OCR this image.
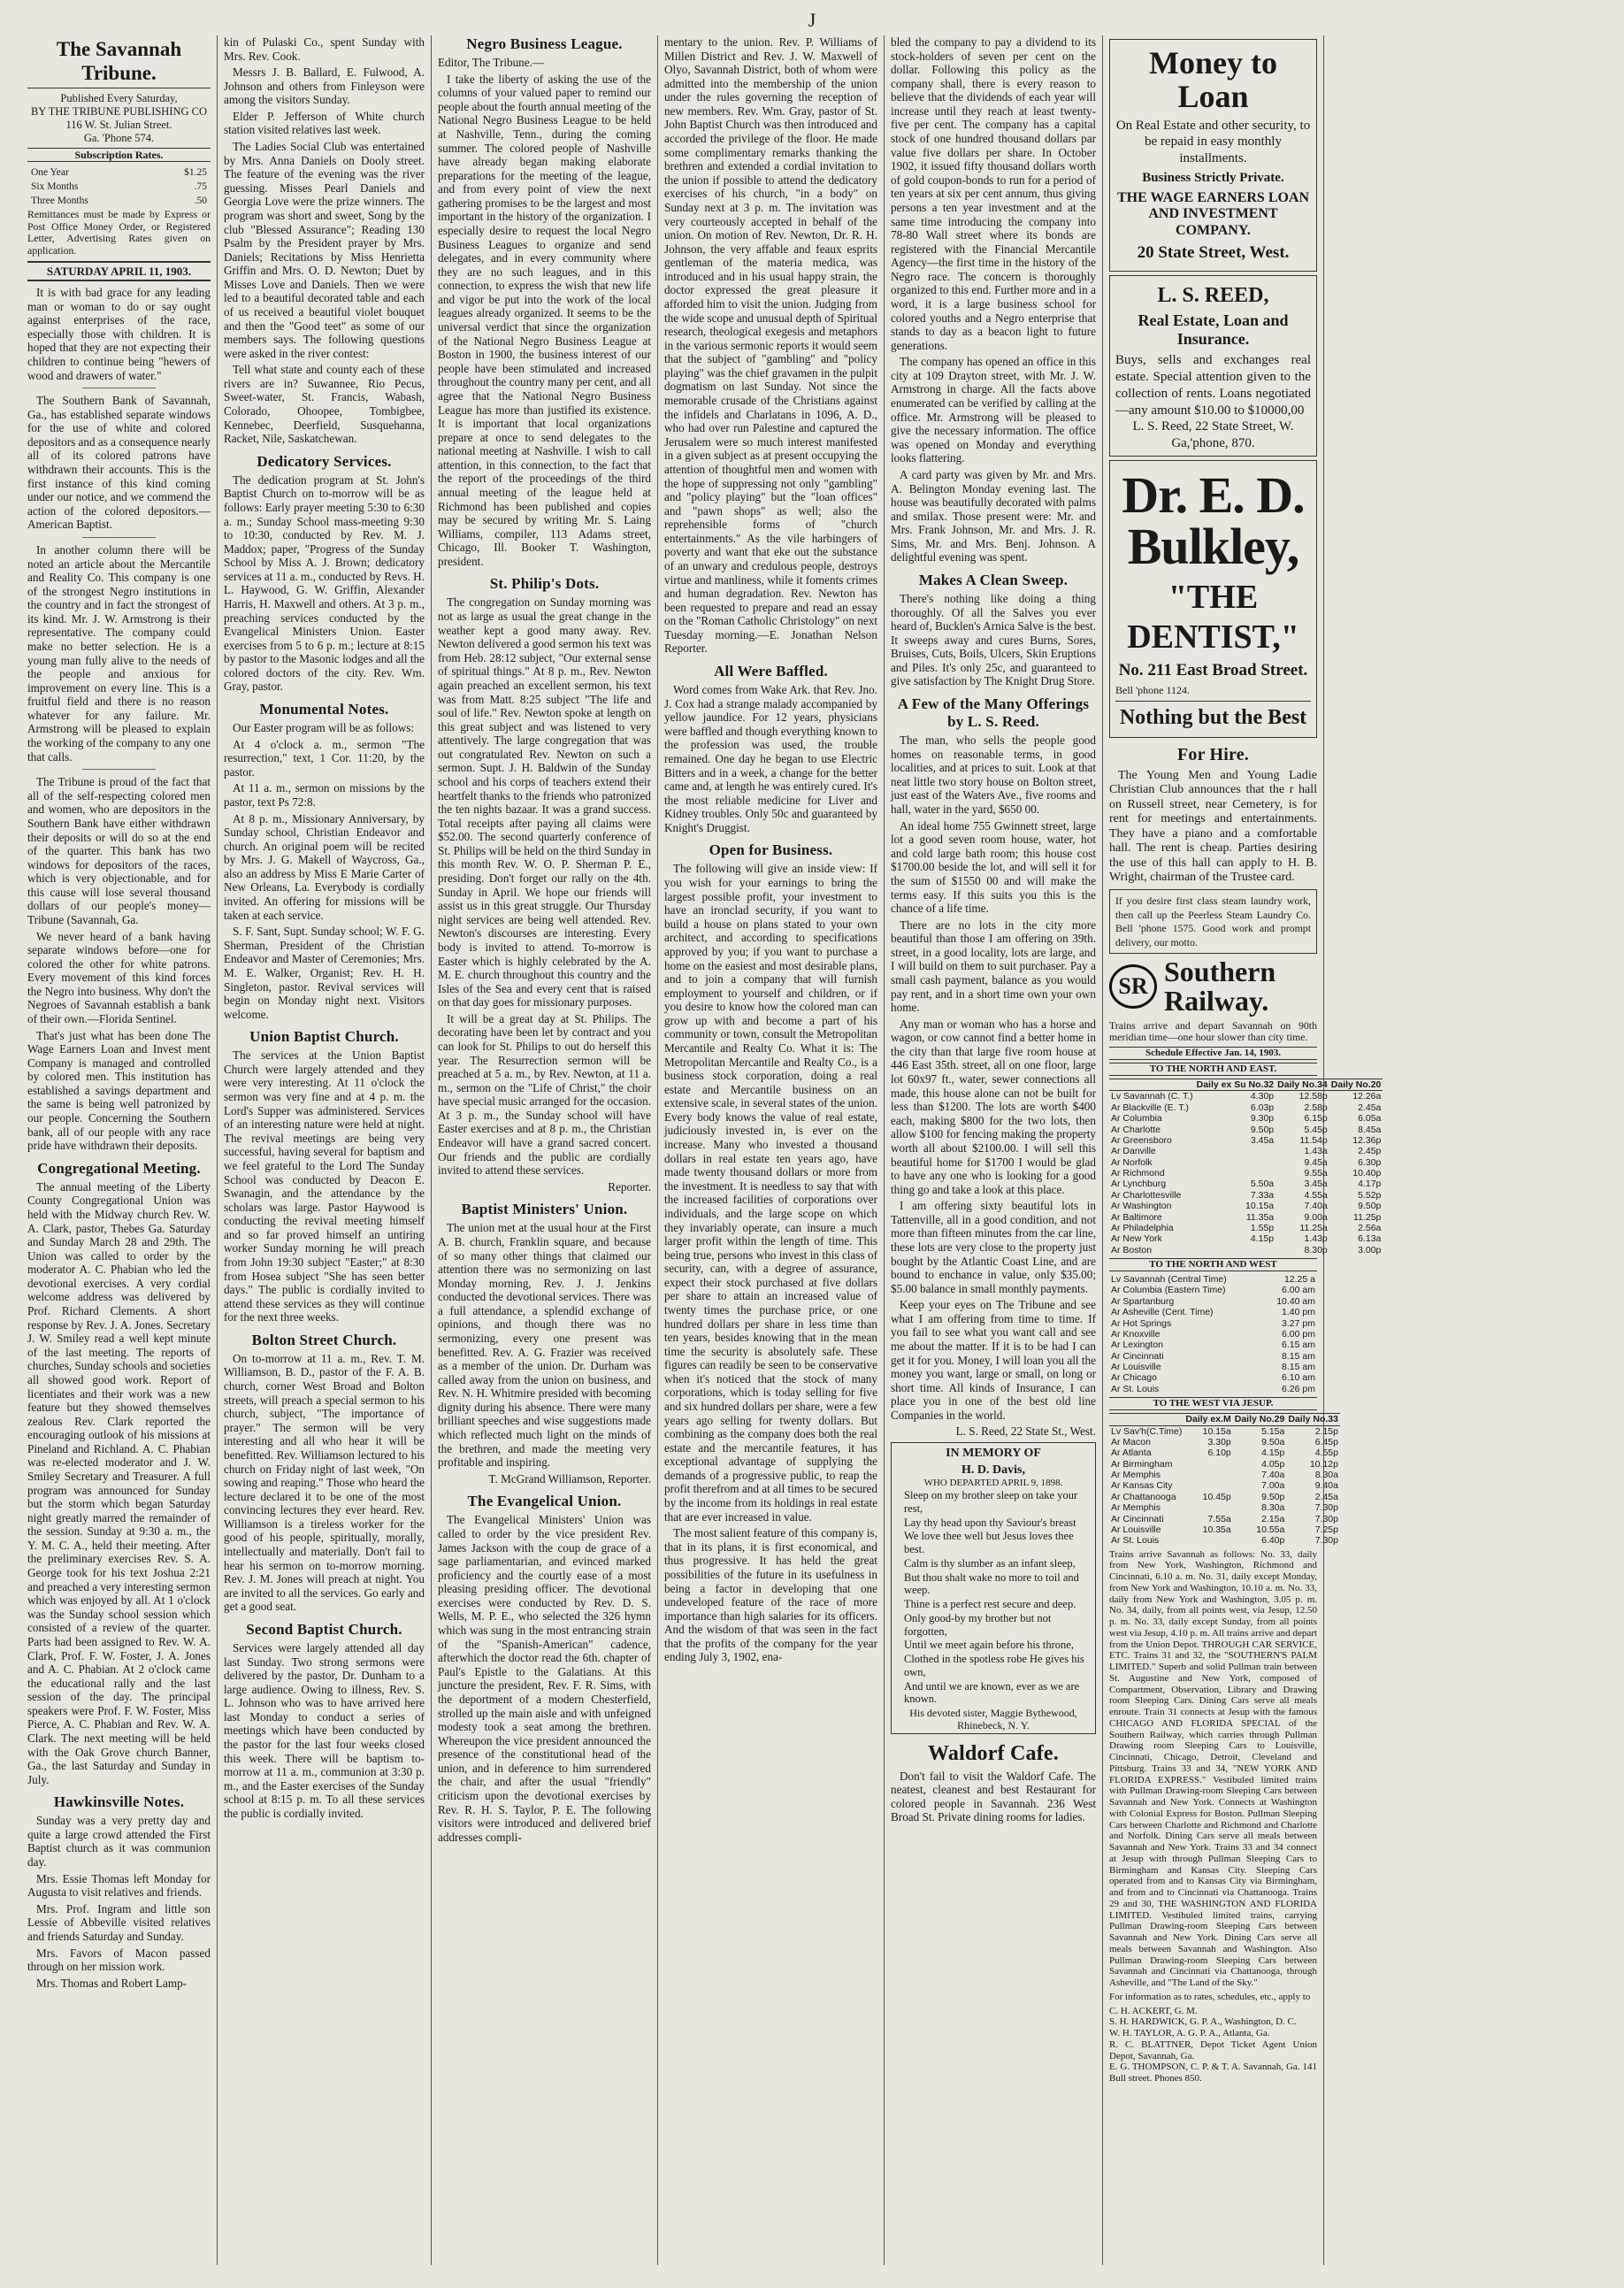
J
The Savannah Tribune.

Published Every Saturday,

BY THE TRIBUNE PUBLISHING CO

116 W. St. Julian Street.

Ga. 'Phone 574.

Subscription Rates.
One Year	$1.25
Six Months	.75
Three Months	.50

Remittances must be made by Express or Post Office Money Order, or Registered Letter, Advertising Rates given on application.

SATURDAY APRIL 11, 1903.

It is with bad grace for any leading man or woman to do or say ought against enterprises of the race, especially those with children. It is hoped that they are not expecting their children to continue being "hewers of wood and drawers of water."

The Southern Bank of Savannah, Ga., has established separate windows for the use of white and colored depositors and as a consequence nearly all of its colored patrons have withdrawn their accounts. This is the first instance of this kind coming under our notice, and we commend the action of the colored depositors.—American Baptist.

In another column there will be noted an article about the Mercantile and Reality Co. This company is one of the strongest Negro institutions in the country and in fact the strongest of its kind. Mr. J. W. Armstrong is their representative. The company could make no better selection. He is a young man fully alive to the needs of the people and anxious for improvement on every line. This is a fruitful field and there is no reason whatever for any failure. Mr. Armstrong will be pleased to explain the working of the company to any one that calls.

The Tribune is proud of the fact that all of the self-respecting colored men and women, who are depositors in the Southern Bank have either withdrawn their deposits or will do so at the end of the quarter. This bank has two windows for depositors of the races, which is very objectionable, and for this cause will lose several thousand dollars of our people's money—Tribune (Savannah, Ga.

We never heard of a bank having separate windows before—one for colored the other for white patrons. Every movement of this kind forces the Negro into business. Why don't the Negroes of Savannah establish a bank of their own.—Florida Sentinel.

That's just what has been done The Wage Earners Loan and Invest ment Company is managed and controlled by colored men. This institution has established a savings department and the same is being well patronized by our people. Concerning the Southern bank, all of our people with any race pride have withdrawn their deposits.

Congregational Meeting.

The annual meeting of the Liberty County Congregational Union was held with the Midway church Rev. W. A. Clark, pastor, Thebes Ga. Saturday and Sunday March 28 and 29th. The Union was called to order by the moderator A. C. Phabian who led the devotional exercises. A very cordial welcome address was delivered by Prof. Richard Clements. A short response by Rev. J. A. Jones. Secretary J. W. Smiley read a well kept minute of the last meeting. The reports of churches, Sunday schools and societies all showed good work. Report of licentiates and their work was a new feature but they showed themselves zealous Rev. Clark reported the encouraging outlook of his missions at Pineland and Richland. A. C. Phabian was re-elected moderator and J. W. Smiley Secretary and Treasurer. A full program was announced for Sunday but the storm which began Saturday night greatly marred the remainder of the session. Sunday at 9:30 a. m., the Y. M. C. A., held their meeting. After the preliminary exercises Rev. S. A. George took for his text Joshua 2:21 and preached a very interesting sermon which was enjoyed by all. At 1 o'clock was the Sunday school session which consisted of a review of the quarter. Parts had been assigned to Rev. W. A. Clark, Prof. F. W. Foster, J. A. Jones and A. C. Phabian. At 2 o'clock came the educational rally and the last session of the day. The principal speakers were Prof. F. W. Foster, Miss Pierce, A. C. Phabian and Rev. W. A. Clark. The next meeting will be held with the Oak Grove church Banner, Ga., the last Saturday and Sunday in July.

Hawkinsville Notes.

Sunday was a very pretty day and quite a large crowd attended the First Baptist church as it was communion day.

Mrs. Essie Thomas left Monday for Augusta to visit relatives and friends.

Mrs. Prof. Ingram and little son Lessie of Abbeville visited relatives and friends Saturday and Sunday.

Mrs. Favors of Macon passed through on her mission work.

Mrs. Thomas and Robert Lamp-

kin of Pulaski Co., spent Sunday with Mrs. Rev. Cook.

Messrs J. B. Ballard, E. Fulwood, A. Johnson and others from Finleyson were among the visitors Sunday.

Elder P. Jefferson of White church station visited relatives last week.

The Ladies Social Club was entertained by Mrs. Anna Daniels on Dooly street. The feature of the evening was the river guessing. Misses Pearl Daniels and Georgia Love were the prize winners. The program was short and sweet, Song by the club "Blessed Assurance"; Reading 130 Psalm by the President prayer by Mrs. Daniels; Recitations by Miss Henrietta Griffin and Mrs. O. D. Newton; Duet by Misses Love and Daniels. Then we were led to a beautiful decorated table and each of us received a beautiful violet bouquet and then the "Good teet" as some of our members says. The following questions were asked in the river contest:

Tell what state and county each of these rivers are in? Suwannee, Rio Pecus, Sweet-water, St. Francis, Wabash, Colorado, Ohoopee, Tombigbee, Kennebec, Deerfield, Susquehanna, Racket, Nile, Saskatchewan.

Dedicatory Services.

The dedication program at St. John's Baptist Church on to-morrow will be as follows: Early prayer meeting 5:30 to 6:30 a. m.; Sunday School mass-meeting 9:30 to 10:30, conducted by Rev. M. J. Maddox; paper, "Progress of the Sunday School by Miss A. J. Brown; dedicatory services at 11 a. m., conducted by Revs. H. L. Haywood, G. W. Griffin, Alexander Harris, H. Maxwell and others. At 3 p. m., preaching services conducted by the Evangelical Ministers Union. Easter exercises from 5 to 6 p. m.; lecture at 8:15 by pastor to the Masonic lodges and all the colored doctors of the city. Rev. Wm. Gray, pastor.

Monumental Notes.

Our Easter program will be as follows:

At 4 o'clock a. m., sermon "The resurrection," text, 1 Cor. 11:20, by the pastor.

At 11 a. m., sermon on missions by the pastor, text Ps 72:8.

At 8 p. m., Missionary Anniversary, by Sunday school, Christian Endeavor and church. An original poem will be recited by Mrs. J. G. Makell of Waycross, Ga., also an address by Miss E Marie Carter of New Orleans, La. Everybody is cordially invited. An offering for missions will be taken at each service.

S. F. Sant, Supt. Sunday school; W. F. G. Sherman, President of the Christian Endeavor and Master of Ceremonies; Mrs. M. E. Walker, Organist; Rev. H. H. Singleton, pastor. Revival services will begin on Monday night next. Visitors welcome.

Union Baptist Church.

The services at the Union Baptist Church were largely attended and they were very interesting. At 11 o'clock the sermon was very fine and at 4 p. m. the Lord's Supper was administered. Services of an interesting nature were held at night. The revival meetings are being very successful, having several for baptism and we feel grateful to the Lord The Sunday School was conducted by Deacon E. Swanagin, and the attendance by the scholars was large. Pastor Haywood is conducting the revival meeting himself and so far proved himself an untiring worker Sunday morning he will preach from John 19:30 subject "Easter;" at 8:30 from Hosea subject "She has seen better days." The public is cordially invited to attend these services as they will continue for the next three weeks.

Bolton Street Church.

On to-morrow at 11 a. m., Rev. T. M. Williamson, B. D., pastor of the F. A. B. church, corner West Broad and Bolton streets, will preach a special sermon to his church, subject, "The importance of prayer." The sermon will be very interesting and all who hear it will be benefitted. Rev. Williamson lectured to his church on Friday night of last week, "On sowing and reaping." Those who heard the lecture declared it to be one of the most convincing lectures they ever heard. Rev. Williamson is a tireless worker for the good of his people, spiritually, morally, intellectually and materially. Don't fail to hear his sermon on to-morrow morning. Rev. J. M. Jones will preach at night. You are invited to all the services. Go early and get a good seat.

Second Baptist Church.

Services were largely attended all day last Sunday. Two strong sermons were delivered by the pastor, Dr. Dunham to a large audience. Owing to illness, Rev. S. L. Johnson who was to have arrived here last Monday to conduct a series of meetings which have been conducted by the pastor for the last four weeks closed this week. There will be baptism to-morrow at 11 a. m., communion at 3:30 p. m., and the Easter exercises of the Sunday school at 8:15 p. m. To all these services the public is cordially invited.

Negro Business League.

Editor, The Tribune.—

I take the liberty of asking the use of the columns of your valued paper to remind our people about the fourth annual meeting of the National Negro Business League to be held at Nashville, Tenn., during the coming summer. The colored people of Nashville have already began making elaborate preparations for the meeting of the league, and from every point of view the next gathering promises to be the largest and most important in the history of the organization. I especially desire to request the local Negro Business Leagues to organize and send delegates, and in every community where they are no such leagues, and in this connection, to express the wish that new life and vigor be put into the work of the local leagues already organized. It seems to be the universal verdict that since the organization of the National Negro Business League at Boston in 1900, the business interest of our people have been stimulated and increased throughout the country many per cent, and all agree that the National Negro Business League has more than justified its existence. It is important that local organizations prepare at once to send delegates to the national meeting at Nashville. I wish to call attention, in this connection, to the fact that the report of the proceedings of the third annual meeting of the league held at Richmond has been published and copies may be secured by writing Mr. S. Laing Williams, compiler, 113 Adams street, Chicago, Ill. Booker T. Washington, president.

St. Philip's Dots.

The congregation on Sunday morning was not as large as usual the great change in the weather kept a good many away. Rev. Newton delivered a good sermon his text was from Heb. 28:12 subject, "Our external sense of spiritual things." At 8 p. m., Rev. Newton again preached an excellent sermon, his text was from Matt. 8:25 subject "The life and soul of life." Rev. Newton spoke at length on this great subject and was listened to very attentively. The large congregation that was out congratulated Rev. Newton on such a sermon. Supt. J. H. Baldwin of the Sunday school and his corps of teachers extend their heartfelt thanks to the friends who patronized the ten nights bazaar. It was a grand success. Total receipts after paying all claims were $52.00. The second quarterly conference of St. Philips will be held on the third Sunday in this month Rev. W. O. P. Sherman P. E., presiding. Don't forget our rally on the 4th. Sunday in April. We hope our friends will assist us in this great struggle. Our Thursday night services are being well attended. Rev. Newton's discourses are interesting. Every body is invited to attend. To-morrow is Easter which is highly celebrated by the A. M. E. church throughout this country and the Isles of the Sea and every cent that is raised on that day goes for missionary purposes.

It will be a great day at St. Philips. The decorating have been let by contract and you can look for St. Philips to out do herself this year. The Resurrection sermon will be preached at 5 a. m., by Rev. Newton, at 11 a. m., sermon on the "Life of Christ," the choir have special music arranged for the occasion. At 3 p. m., the Sunday school will have Easter exercises and at 8 p. m., the Christian Endeavor will have a grand sacred concert. Our friends and the public are cordially invited to attend these services.

Reporter.

Baptist Ministers' Union.

The union met at the usual hour at the First A. B. church, Franklin square, and because of so many other things that claimed our attention there was no sermonizing on last Monday morning, Rev. J. J. Jenkins conducted the devotional services. There was a full attendance, a splendid exchange of opinions, and though there was no sermonizing, every one present was benefitted. Rev. A. G. Frazier was received as a member of the union. Dr. Durham was called away from the union on business, and Rev. N. H. Whitmire presided with becoming dignity during his absence. There were many brilliant speeches and wise suggestions made which reflected much light on the minds of the brethren, and made the meeting very profitable and inspiring.

T. McGrand Williamson, Reporter.

The Evangelical Union.

The Evangelical Ministers' Union was called to order by the vice president Rev. James Jackson with the coup de grace of a sage parliamentarian, and evinced marked proficiency and the courtly ease of a most pleasing presiding officer. The devotional exercises were conducted by Rev. D. S. Wells, M. P. E., who selected the 326 hymn which was sung in the most entrancing strain of the "Spanish-American" cadence, afterwhich the doctor read the 6th. chapter of Paul's Epistle to the Galatians. At this juncture the president, Rev. F. R. Sims, with the deportment of a modern Chesterfield, strolled up the main aisle and with unfeigned modesty took a seat among the brethren. Whereupon the vice president announced the presence of the constitutional head of the union, and in deference to him surrendered the chair, and after the usual "friendly" criticism upon the devotional exercises by Rev. R. H. S. Taylor, P. E. The following visitors were introduced and delivered brief addresses compli-

mentary to the union. Rev. P. Williams of Millen District and Rev. J. W. Maxwell of Olyo, Savannah District, both of whom were admitted into the membership of the union under the rules governing the reception of new members. Rev. Wm. Gray, pastor of St. John Baptist Church was then introduced and accorded the privilege of the floor. He made some complimentary remarks thanking the brethren and extended a cordial invitation to the union if possible to attend the dedicatory exercises of his church, "in a body" on Sunday next at 3 p. m. The invitation was very courteously accepted in behalf of the union. On motion of Rev. Newton, Dr. R. H. Johnson, the very affable and feaux esprits gentleman of the materia medica, was introduced and in his usual happy strain, the doctor expressed the great pleasure it afforded him to visit the union. Judging from the wide scope and unusual depth of Spiritual research, theological exegesis and metaphors in the various sermonic reports it would seem that the subject of "gambling" and "policy playing" was the chief gravamen in the pulpit dogmatism on last Sunday. Not since the memorable crusade of the Christians against the infidels and Charlatans in 1096, A. D., who had over run Palestine and captured the Jerusalem were so much interest manifested in a given subject as at present occupying the attention of thoughtful men and women with the hope of suppressing not only "gambling" and "policy playing" but the "loan offices" and "pawn shops" as well; also the reprehensible forms of "church entertainments." As the vile harbingers of poverty and want that eke out the substance of an unwary and credulous people, destroys virtue and manliness, while it foments crimes and human degradation. Rev. Newton has been requested to prepare and read an essay on the "Roman Catholic Christology" on next Tuesday morning.—E. Jonathan Nelson Reporter.

All Were Baffled.

Word comes from Wake Ark. that Rev. Jno. J. Cox had a strange malady accompanied by yellow jaundice. For 12 years, physicians were baffled and though everything known to the profession was used, the trouble remained. One day he began to use Electric Bitters and in a week, a change for the better came and, at length he was entirely cured. It's the most reliable medicine for Liver and Kidney troubles. Only 50c and guaranteed by Knight's Druggist.

Open for Business.

The following will give an inside view: If you wish for your earnings to bring the largest possible profit, your investment to have an ironclad security, if you want to build a house on plans stated to your own architect, and according to specifications approved by you; if you want to purchase a home on the easiest and most desirable plans, and to join a company that will furnish employment to yourself and children, or if you desire to know how the colored man can grow up with and become a part of his community or town, consult the Metropolitan Mercantile and Realty Co. What it is: The Metropolitan Mercantile and Realty Co., is a business stock corporation, doing a real estate and Mercantile business on an extensive scale, in several states of the union. Every body knows the value of real estate, judiciously invested in, is ever on the increase. Many who invested a thousand dollars in real estate ten years ago, have made twenty thousand dollars or more from the investment. It is needless to say that with the increased facilities of corporations over individuals, and the large scope on which they invariably operate, can insure a much larger profit within the length of time. This being true, persons who invest in this class of security, can, with a degree of assurance, expect their stock purchased at five dollars per share to attain an increased value of twenty times the purchase price, or one hundred dollars per share in less time than ten years, besides knowing that in the mean time the security is absolutely safe. These figures can readily be seen to be conservative when it's noticed that the stock of many corporations, which is today selling for five and six hundred dollars per share, were a few years ago selling for twenty dollars. But combining as the company does both the real estate and the mercantile features, it has exceptional advantage of supplying the demands of a progressive public, to reap the profit therefrom and at all times to be secured by the income from its holdings in real estate that are ever increased in value.

The most salient feature of this company is, that in its plans, it is first economical, and thus progressive. It has held the great possibilities of the future in its usefulness in being a factor in developing that one undeveloped feature of the race of more importance than high salaries for its officers. And the wisdom of that was seen in the fact that the profits of the company for the year ending July 3, 1902, ena-

bled the company to pay a dividend to its stock-holders of seven per cent on the dollar. Following this policy as the company shall, there is every reason to believe that the dividends of each year will increase until they reach at least twenty-five per cent. The company has a capital stock of one hundred thousand dollars par value five dollars per share. In October 1902, it issued fifty thousand dollars worth of gold coupon-bonds to run for a period of ten years at six per cent annum, thus giving persons a ten year investment and at the same time introducing the company into 78-80 Wall street where its bonds are registered with the Financial Mercantile Agency—the first time in the history of the Negro race. The concern is thoroughly organized to this end. Further more and in a word, it is a large business school for colored youths and a Negro enterprise that stands to day as a beacon light to future generations.

The company has opened an office in this city at 109 Drayton street, with Mr. J. W. Armstrong in charge. All the facts above enumerated can be verified by calling at the office. Mr. Armstrong will be pleased to give the necessary information. The office was opened on Monday and everything looks flattering.

A card party was given by Mr. and Mrs. A. Belington Monday evening last. The house was beautifully decorated with palms and smilax. Those present were: Mr. and Mrs. Frank Johnson, Mr. and Mrs. J. R. Sims, Mr. and Mrs. Benj. Johnson. A delightful evening was spent.

Makes A Clean Sweep.

There's nothing like doing a thing thoroughly. Of all the Salves you ever heard of, Bucklen's Arnica Salve is the best. It sweeps away and cures Burns, Sores, Bruises, Cuts, Boils, Ulcers, Skin Eruptions and Piles. It's only 25c, and guaranteed to give satisfaction by The Knight Drug Store.

A Few of the Many Offerings by L. S. Reed.

The man, who sells the people good homes on reasonable terms, in good localities, and at prices to suit. Look at that neat little two story house on Bolton street, just east of the Waters Ave., five rooms and hall, water in the yard, $650 00.

An ideal home 755 Gwinnett street, large lot a good seven room house, water, hot and cold large bath room; this house cost $1700.00 beside the lot, and will sell it for the sum of $1550 00 and will make the terms easy. If this suits you this is the chance of a life time.

There are no lots in the city more beautiful than those I am offering on 39th. street, in a good locality, lots are large, and I will build on them to suit purchaser. Pay a small cash payment, balance as you would pay rent, and in a short time own your own home.

Any man or woman who has a horse and wagon, or cow cannot find a better home in the city than that large five room house at 446 East 35th. street, all on one floor, large lot 60x97 ft., water, sewer connections all made, this house alone can not be built for less than $1200. The lots are worth $400 each, making $800 for the two lots, then allow $100 for fencing making the property worth all about $2100.00. I will sell this beautiful home for $1700 I would be glad to have any one who is looking for a good thing go and take a look at this place.

I am offering sixty beautiful lots in Tattenville, all in a good condition, and not more than fifteen minutes from the car line, these lots are very close to the property just bought by the Atlantic Coast Line, and are bound to enchance in value, only $35.00; $5.00 balance in small monthly payments.

Keep your eyes on The Tribune and see what I am offering from time to time. If you fail to see what you want call and see me about the matter. If it is to be had I can get it for you. Money, I will loan you all the money you want, large or small, on long or short time. All kinds of Insurance, I can place you in one of the best old line Companies in the world.

L. S. Reed, 22 State St., West.

IN MEMORY OF
H. D. Davis,
WHO DEPARTED APRIL 9, 1898.

Sleep on my brother sleep on take your rest,

Lay thy head upon thy Saviour's breast

We love thee well but Jesus loves thee best.

Calm is thy slumber as an infant sleep,

But thou shalt wake no more to toil and weep.

Thine is a perfect rest secure and deep.

Only good-by my brother but not forgotten,

Until we meet again before his throne,

Clothed in the spotless robe He gives his own,

And until we are known, ever as we are known.

His devoted sister, Maggie Bythewood, Rhinebeck, N. Y.
Waldorf Cafe.

Don't fail to visit the Waldorf Cafe. The neatest, cleanest and best Restaurant for colored people in Savannah. 236 West Broad St. Private dining rooms for ladies.

Money to Loan
On Real Estate and other security, to be repaid in easy monthly installments.
Business Strictly Private.
THE WAGE EARNERS LOAN AND INVESTMENT COMPANY.
20 State Street, West.
L. S. REED,
Real Estate, Loan and Insurance.
Buys, sells and exchanges real estate. Special attention given to the collection of rents. Loans negotiated—any amount $10.00 to $10000,00
L. S. Reed, 22 State Street, W. Ga,'phone, 870.
Dr. E. D. Bulkley,
"THE DENTIST,"
No. 211 East Broad Street.
Bell 'phone 1124.
Nothing but the Best
For Hire.

The Young Men and Young Ladie Christian Club announces that the r hall on Russell street, near Cemetery, is for rent for meetings and entertainments. They have a piano and a comfortable hall. The rent is cheap. Parties desiring the use of this hall can apply to H. B. Wright, chairman of the Trustee card.

If you desire first class steam laundry work, then call up the Peerless Steam Laundry Co. Bell 'phone 1575. Good work and prompt delivery, our motto.
SR Southern Railway.

Trains arrive and depart Savannah on 90th meridian time—one hour slower than city time.

Schedule Effective Jan. 14, 1903.
TO THE NORTH AND EAST.
	Daily ex Su No.32	Daily No.34	Daily No.20
Lv Savannah (C. T.)	4.30p	12.58p	12.26a
Ar Blackville (E. T.)	6.03p	2.58p	2.45a
Ar Columbia	9.30p	6.15p	6.05a
Ar Charlotte	9.50p	5.45p	8.45a
Ar Greensboro	3.45a	11.54p	12.36p
Ar Danville		1.43a	2.45p
Ar Norfolk		9.45a	6.30p
Ar Richmond		9.55a	10.40p
Ar Lynchburg	5.50a	3.45a	4.17p
Ar Charlottesville	7.33a	4.55a	5.52p
Ar Washington	10.15a	7.40a	9.50p
Ar Baltimore	11.35a	9.00a	11.25p
Ar Philadelphia	1.55p	11.25a	2.56a
Ar New York	4.15p	1.43p	6.13a
Ar Boston		8.30p	3.00p
TO THE NORTH AND WEST
Lv Savannah (Central Time)	12.25 a
Ar Columbia (Eastern Time)	6.00 am
Ar Spartanburg	10.40 am
Ar Asheville (Cent. Time)	1.40 pm
Ar Hot Springs	3.27 pm
Ar Knoxville	6.00 pm
Ar Lexington	6.15 am
Ar Cincinnati	8.15 am
Ar Louisville	8.15 am
Ar Chicago	6.10 am
Ar St. Louis	6.26 pm
TO THE WEST VIA JESUP.
	Daily ex.M	Daily No.29	Daily No.33
Lv Sav'h(C.Time)	10.15a	5.15a	2.15p
Ar Macon	3.30p	9.50a	6.45p
Ar Atlanta	6.10p	4.15p	4.55p
Ar Birmingham		4.05p	10.12p
Ar Memphis		7.40a	8.30a
Ar Kansas City		7.00a	9.40a
Ar Chattanooga	10.45p	9.50p	2.45a
Ar Memphis		8.30a	7.30p
Ar Cincinnati	7.55a	2.15a	7.30p
Ar Louisville	10.35a	10.55a	7.25p
Ar St. Louis		6.40p	7.30p

Trains arrive Savannah as follows: No. 33, daily from New York, Washington, Richmond and Cincinnati, 6.10 a. m. No. 31, daily except Monday, from New York and Washington, 10.10 a. m. No. 33, daily from New York and Washington, 3.05 p. m. No. 34, daily, from all points west, via Jesup, 12.50 p. m. No. 33, daily except Sunday, from all points west via Jesup, 4.10 p. m. All trains arrive and depart from the Union Depot. THROUGH CAR SERVICE, ETC. Trains 31 and 32, the "SOUTHERN'S PALM LIMITED." Superb and solid Pullman train between St. Augustine and New York, composed of Compartment, Observation, Library and Drawing room Sleeping Cars. Dining Cars serve all meals enroute. Train 31 connects at Jesup with the famous CHICAGO AND FLORIDA SPECIAL of the Southern Railway, which carries through Pullman Drawing room Sleeping Cars to Louisville, Cincinnati, Chicago, Detroit, Cleveland and Pittsburg. Trains 33 and 34, "NEW YORK AND FLORIDA EXPRESS." Vestibuled limited trains with Pullman Drawing-room Sleeping Cars between Savannah and New York. Connects at Washington with Colonial Express for Boston. Pullman Sleeping Cars between Charlotte and Richmond and Charlotte and Norfolk. Dining Cars serve all meals between Savannah and New York. Trains 33 and 34 connect at Jesup with through Pullman Sleeping Cars to Birmingham and Kansas City. Sleeping Cars operated from and to Kansas City via Birmingham, and from and to Cincinnati via Chattanooga. Trains 29 and 30, THE WASHINGTON AND FLORIDA LIMITED. Vestibuled limited trains, carrying Pullman Drawing-room Sleeping Cars between Savannah and New York. Dining Cars serve all meals between Savannah and Washington. Also Pullman Drawing-room Sleeping Cars between Savannah and Cincinnati via Chattanooga, through Asheville, and "The Land of the Sky."

For information as to rates, schedules, etc., apply to

C. H. ACKERT, G. M.

S. H. HARDWICK, G. P. A., Washington, D. C.

W. H. TAYLOR, A. G. P. A., Atlanta, Ga.

R. C. BLATTNER, Depot Ticket Agent Union Depot, Savannah, Ga.

E. G. THOMPSON, C. P. & T. A. Savannah, Ga. 141 Bull street. Phones 850.
